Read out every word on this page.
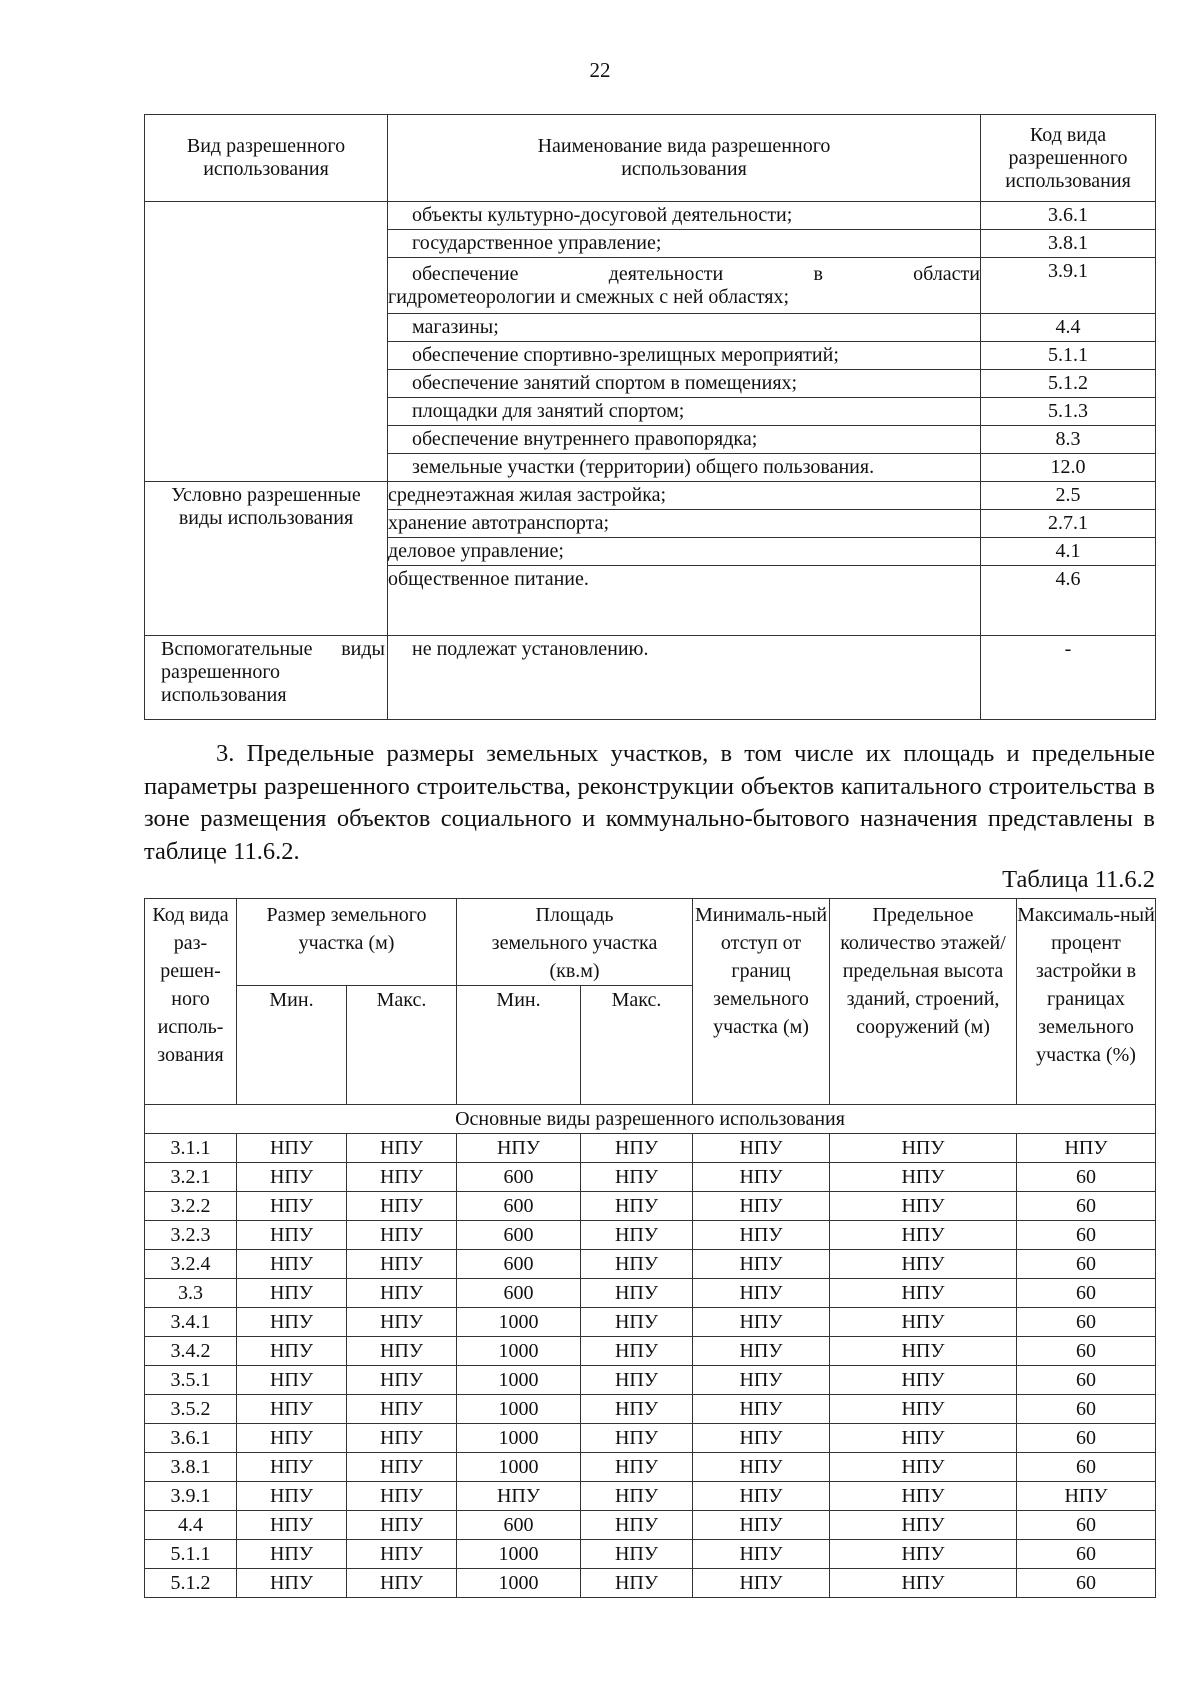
22
Вид разрешенного использования	Наименование вида разрешенного использования	Код вида разрешенного использования

	объекты культурно-досуговой деятельности;	3.6.1

	государственное управление;	3.8.1

	обеспечение деятельности в области
гидрометеорологии и смежных с ней областях;	3.9.1

	магазины;	4.4

	обеспечение спортивно-зрелищных мероприятий;	5.1.1

	обеспечение занятий спортом в помещениях;	5.1.2

	площадки для занятий спортом;	5.1.3

	обеспечение внутреннего правопорядка;	8.3

	земельные участки (территории) общего пользования.	12.0

Условно разрешенные виды использования	среднеэтажная жилая застройка;	2.5
	хранение автотранспорта;	2.7.1
	деловое управление;	4.1
	общественное питание.	4.6

Вспомогательные виды разрешенного использования	не подлежат установлению.	-

3. Предельные размеры земельных участков, в том числе их площадь и предельные параметры разрешенного строительства, реконструкции объектов капитального строительства в зоне размещения объектов социального и коммунально-бытового назначения представлены в таблице 11.6.2.

Таблица 11.6.2
Код вида раз-решен-ного исполь-зования	Размер земельного участка (м)		Площадь земельного участка (кв.м)		Минималь-ный отступ от границ земельного участка (м)	Предельное количество этажей/ предельная высота зданий, строений, сооружений (м)	Максималь-ный процент застройки в границах земельного участка (%)
	Мин.	Макс.	Мин.	Макс.			
Основные виды разрешенного использования							
3.1.1	НПУ	НПУ	НПУ	НПУ	НПУ	НПУ	НПУ
3.2.1	НПУ	НПУ	600	НПУ	НПУ	НПУ	60
3.2.2	НПУ	НПУ	600	НПУ	НПУ	НПУ	60
3.2.3	НПУ	НПУ	600	НПУ	НПУ	НПУ	60
3.2.4	НПУ	НПУ	600	НПУ	НПУ	НПУ	60
3.3	НПУ	НПУ	600	НПУ	НПУ	НПУ	60
3.4.1	НПУ	НПУ	1000	НПУ	НПУ	НПУ	60
3.4.2	НПУ	НПУ	1000	НПУ	НПУ	НПУ	60
3.5.1	НПУ	НПУ	1000	НПУ	НПУ	НПУ	60
3.5.2	НПУ	НПУ	1000	НПУ	НПУ	НПУ	60
3.6.1	НПУ	НПУ	1000	НПУ	НПУ	НПУ	60
3.8.1	НПУ	НПУ	1000	НПУ	НПУ	НПУ	60
3.9.1	НПУ	НПУ	НПУ	НПУ	НПУ	НПУ	НПУ
4.4	НПУ	НПУ	600	НПУ	НПУ	НПУ	60
5.1.1	НПУ	НПУ	1000	НПУ	НПУ	НПУ	60
5.1.2	НПУ	НПУ	1000	НПУ	НПУ	НПУ	60
